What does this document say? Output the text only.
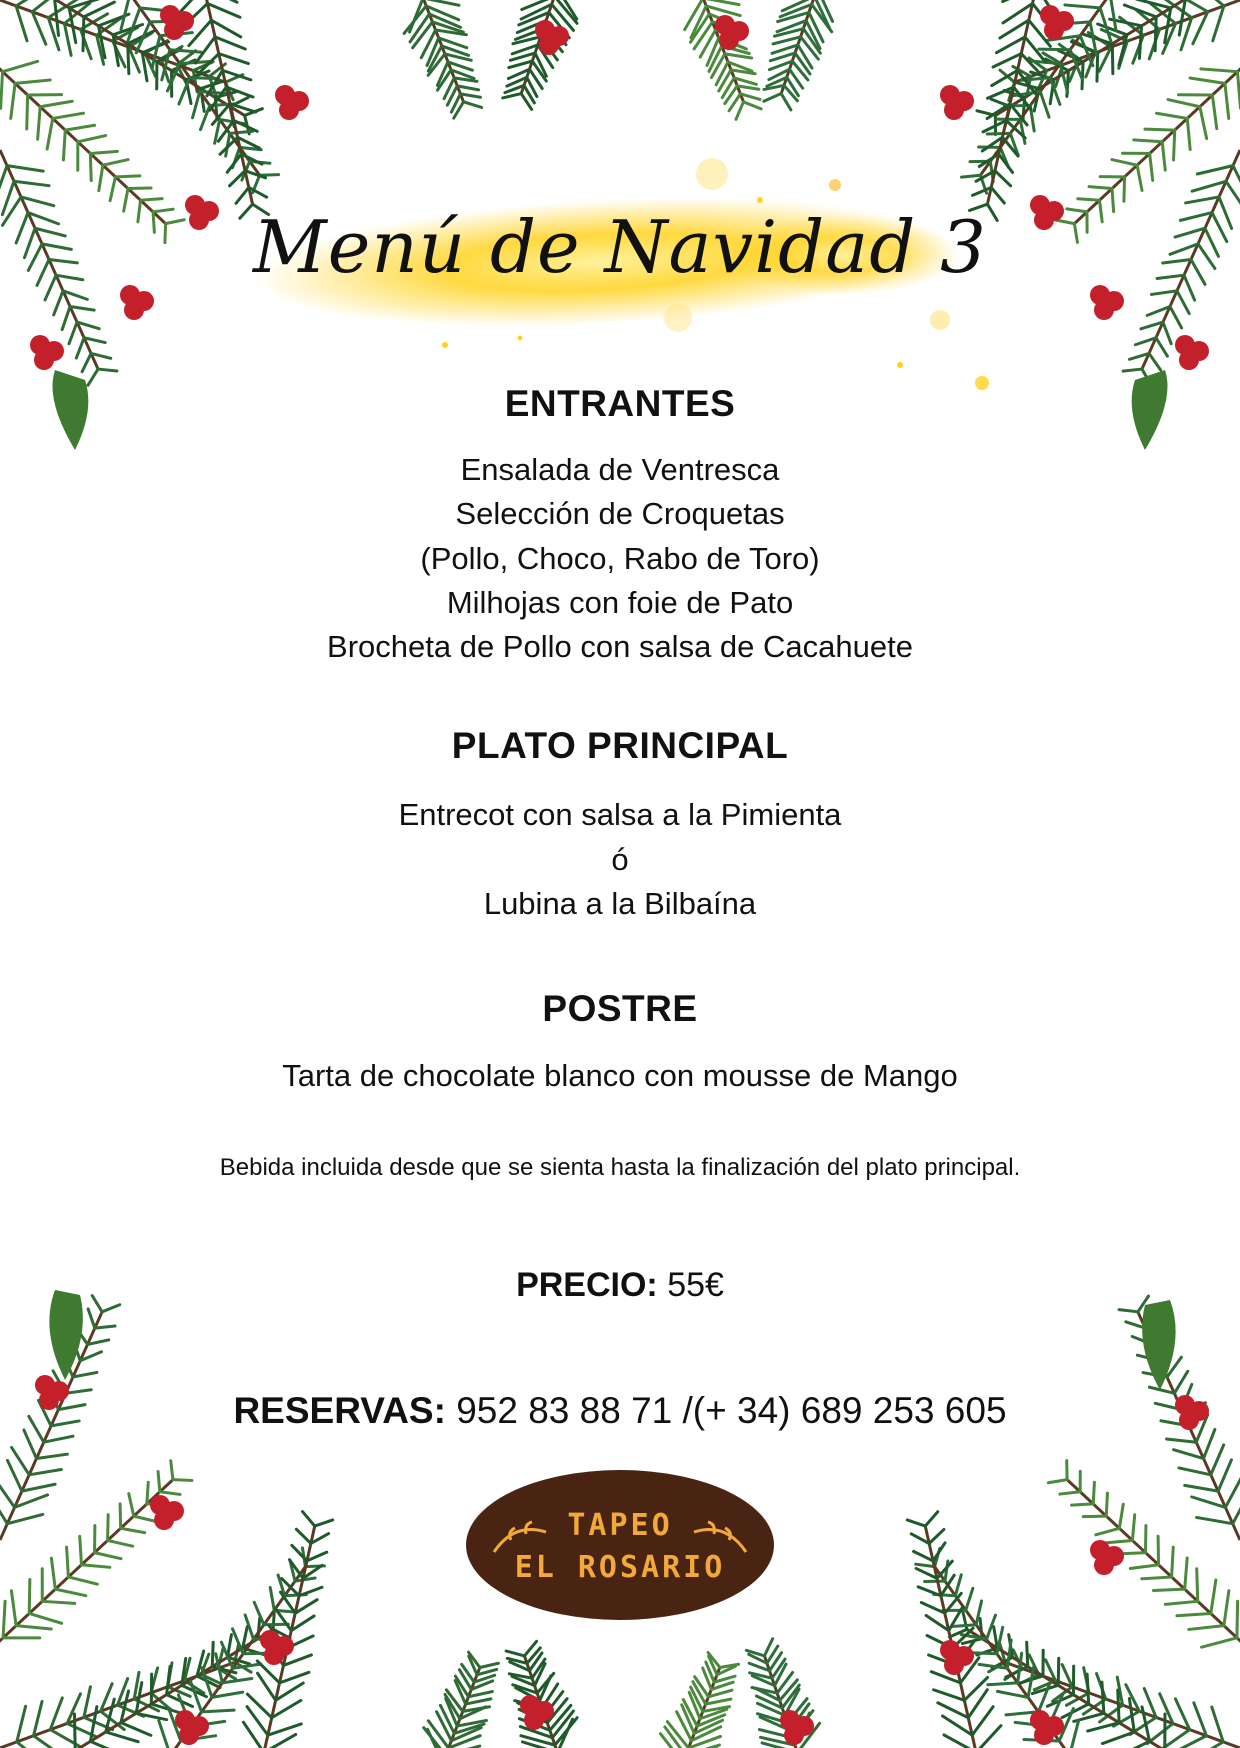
Menú de Navidad 3
ENTRANTES
Ensalada de Ventresca
Selección de Croquetas
(Pollo, Choco, Rabo de Toro)
Milhojas con foie de Pato
Brocheta de Pollo con salsa de Cacahuete
PLATO PRINCIPAL
Entrecot con salsa a la Pimienta
ó
Lubina a la Bilbaína
POSTRE
Tarta de chocolate blanco con mousse de Mango
Bebida incluida desde que se sienta hasta la finalización del plato principal.
PRECIO: 55€
RESERVAS: 952 83 88 71 /(+ 34) 689 253 605
TAPEO
EL ROSARIO
